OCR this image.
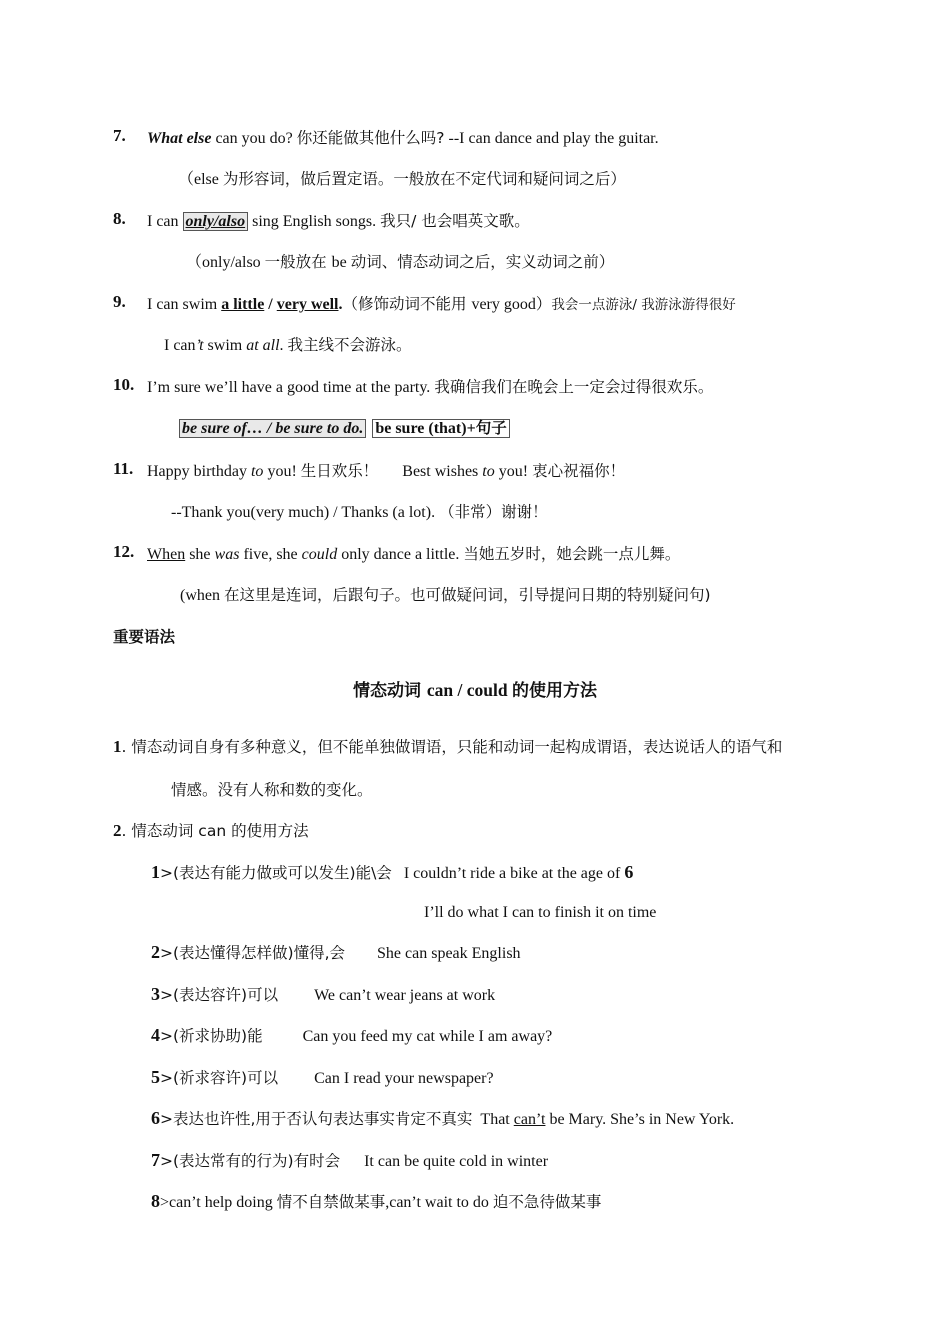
7. What else can you do? 你还能做其他什么吗? --I can dance and play the guitar.
（else 为形容词，做后置定语。一般放在不定代词和疑问词之后）
8. I can only/also sing English songs. 我只/ 也会唱英文歌。
（only/also 一般放在 be 动词、情态动词之后，实义动词之前）
9. I can swim a little / very well.（修饰动词不能用 very good）我会一点游泳/ 我游泳游得很好
I can’t swim at all. 我主线不会游泳。
10. I’m sure we’ll have a good time at the party. 我确信我们在晚会上一定会过得很欢乐。
be sure of… / be sure to do. be sure (that)+句子
11. Happy birthday to you! 生日欢乐！      Best wishes to you! 衷心祝福你！
--Thank you(very much) / Thanks (a lot). （非常）谢谢！
12. When she was five, she could only dance a little. 当她五岁时，她会跳一点儿舞。
(when 在这里是连词，后跟句子。也可做疑问词，引导提问日期的特别疑问句)
重要语法
情态动词 can / could 的使用方法
1. 情态动词自身有多种意义，但不能单独做谓语，只能和动词一起构成谓语，表达说话人的语气和
情感。没有人称和数的变化。
2. 情态动词 can 的使用方法
1>(表达有能力做或可以发生)能\会   I couldn’t ride a bike at the age of 6
I’ll do what I can to finish it on time
2>(表达懂得怎样做)懂得,会        She can speak English
3>(表达容许)可以         We can’t wear jeans at work
4>(祈求协助)能          Can you feed my cat while I am away?
5>(祈求容许)可以         Can I read your newspaper?
6>表达也许性,用于否认句表达事实肯定不真实  That can’t be Mary. She’s in New York.
7>(表达常有的行为)有时会      It can be quite cold in winter
8>can’t help doing 情不自禁做某事,can’t wait to do 迫不急待做某事
